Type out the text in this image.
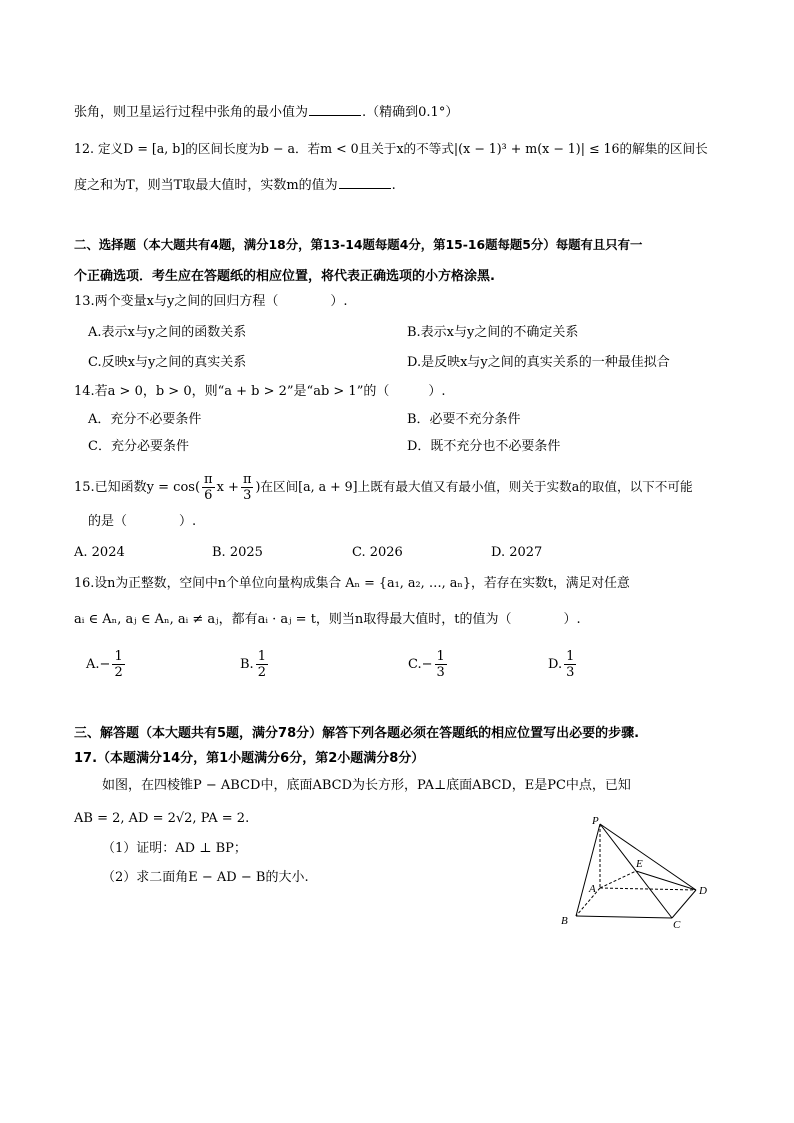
张角，则卫星运行过程中张角的最小值为	.（精确到0.1°）
12. 定义D = [a, b]的区间长度为b − a．若m < 0且关于x的不等式|(x − 1)³ + m(x − 1)| ≤ 16的解集的区间长
度之和为T，则当T取最大值时，实数m的值为	.
二、选择题（本大题共有4题，满分18分，第13-14题每题4分，第15-16题每题5分）每题有且只有一
个正确选项．考生应在答题纸的相应位置，将代表正确选项的小方格涂黑.
13.两个变量x与y之间的回归方程（　　　　）.
A.表示x与y之间的函数关系	B.表示x与y之间的不确定关系
C.反映x与y之间的真实关系	D.是反映x与y之间的真实关系的一种最佳拟合
14.若a > 0，b > 0，则“a + b > 2”是“ab > 1”的（　　　）.
A．充分不必要条件	B．必要不充分条件
C．充分必要条件	D．既不充分也不必要条件
15.已知函数$y = \cos( \frac{\pi}{6}$ $x + \frac{\pi}{3}$ )在区间[a, a + 9]上既有最大值又有最小值，则关于实数a的取值，以下不可能
的是（　　　　）.
A. 2024	B. 2025	C. 2026	D. 2027
16.设n为正整数，空间中n个单位向量构成集合 Aₙ = {a₁, a₂, …, aₙ}，若存在实数t，满足对任意
aᵢ ∈ Aₙ, aⱼ ∈ Aₙ, aᵢ ≠ aⱼ，都有aᵢ · aⱼ = t，则当n取得最大值时，t的值为（　　　　）.
$A.- \frac{1}{2}$	B. $\frac{1}{2}$	$C.- \frac{1}{3}$	D. $\frac{1}{3}$
三、解答题（本大题共有5题，满分78分）解答下列各题必须在答题纸的相应位置写出必要的步骤.
17.（本题满分14分，第1小题满分6分，第2小题满分8分）
如图，在四棱锥P − ABCD中，底面ABCD为长方形，PA⊥底面ABCD，E是PC中点，已知
AB = 2, AD = 2√2, PA = 2.
（1）证明：AD ⊥ BP；
（2）求二面角E − AD − B的大小.
P
A
B	C
D
E
